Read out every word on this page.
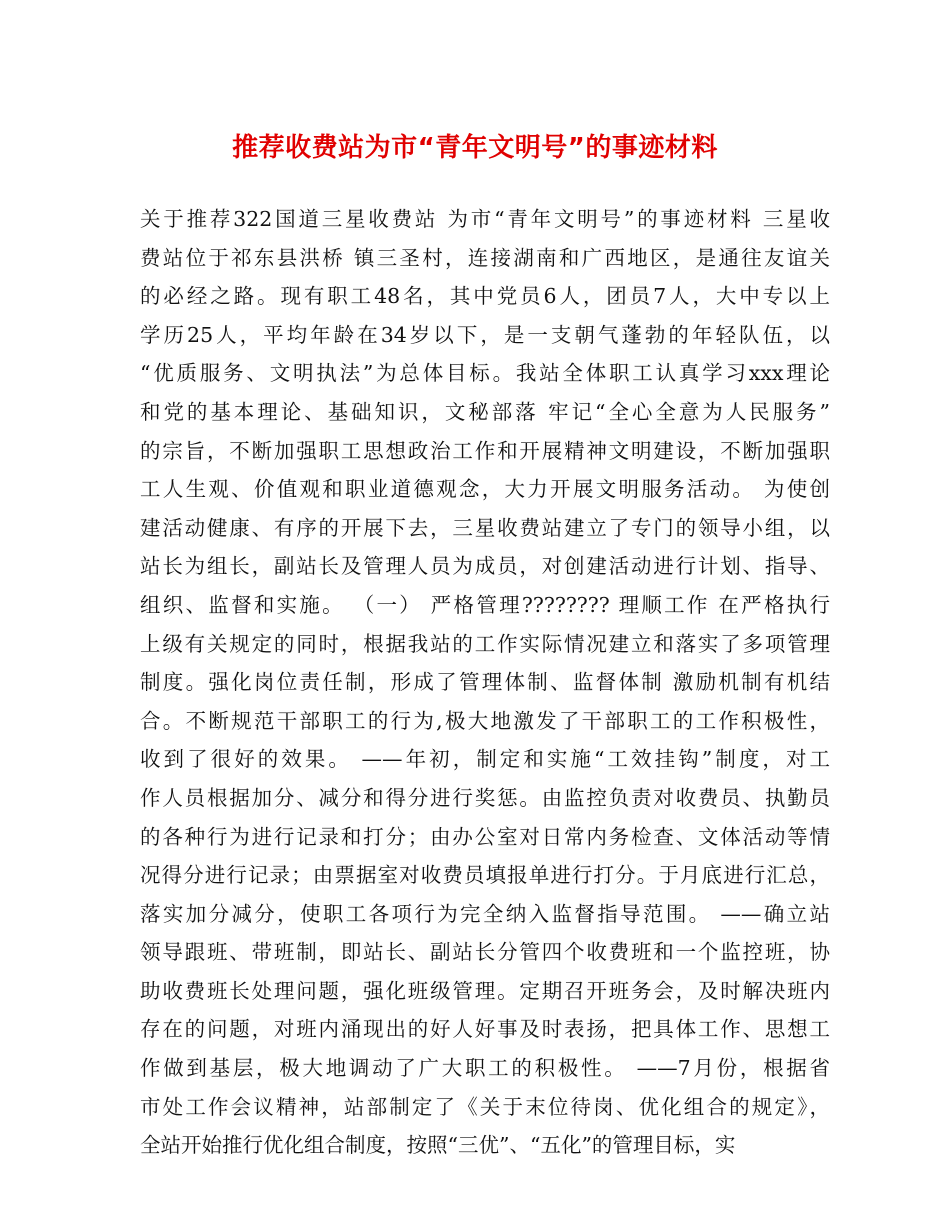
推荐收费站为市“青年文明号”的事迹材料
关于推荐322国道三星收费站 为市“青年文明号”的事迹材料 三星收
费站位于祁东县洪桥 镇三圣村，连接湖南和广西地区，是通往友谊关
的必经之路。现有职工48名，其中党员6人，团员7人，大中专以上
学历25人，平均年龄在34岁以下，是一支朝气蓬勃的年轻队伍，以
“优质服务、文明执法”为总体目标。我站全体职工认真学习xxx理论
和党的基本理论、基础知识，文秘部落 牢记“全心全意为人民服务”
的宗旨，不断加强职工思想政治工作和开展精神文明建设，不断加强职
工人生观、价值观和职业道德观念，大力开展文明服务活动。 为使创
建活动健康、有序的开展下去，三星收费站建立了专门的领导小组，以
站长为组长，副站长及管理人员为成员，对创建活动进行计划、指导、
组织、监督和实施。 （一） 严格管理???????? 理顺工作 在严格执行
上级有关规定的同时，根据我站的工作实际情况建立和落实了多项管理
制度。强化岗位责任制，形成了管理体制、监督体制 激励机制有机结
合。不断规范干部职工的行为,极大地激发了干部职工的工作积极性，
收到了很好的效果。 ——年初，制定和实施“工效挂钩”制度，对工
作人员根据加分、减分和得分进行奖惩。由监控负责对收费员、执勤员
的各种行为进行记录和打分；由办公室对日常内务检查、文体活动等情
况得分进行记录；由票据室对收费员填报单进行打分。于月底进行汇总，
落实加分减分，使职工各项行为完全纳入监督指导范围。 ——确立站
领导跟班、带班制，即站长、副站长分管四个收费班和一个监控班，协
助收费班长处理问题，强化班级管理。定期召开班务会，及时解决班内
存在的问题，对班内涌现出的好人好事及时表扬，把具体工作、思想工
作做到基层，极大地调动了广大职工的积极性。 ——7月份，根据省
市处工作会议精神，站部制定了《关于末位待岗、优化组合的规定》，
全站开始推行优化组合制度，按照“三优”、“五化”的管理目标，实
